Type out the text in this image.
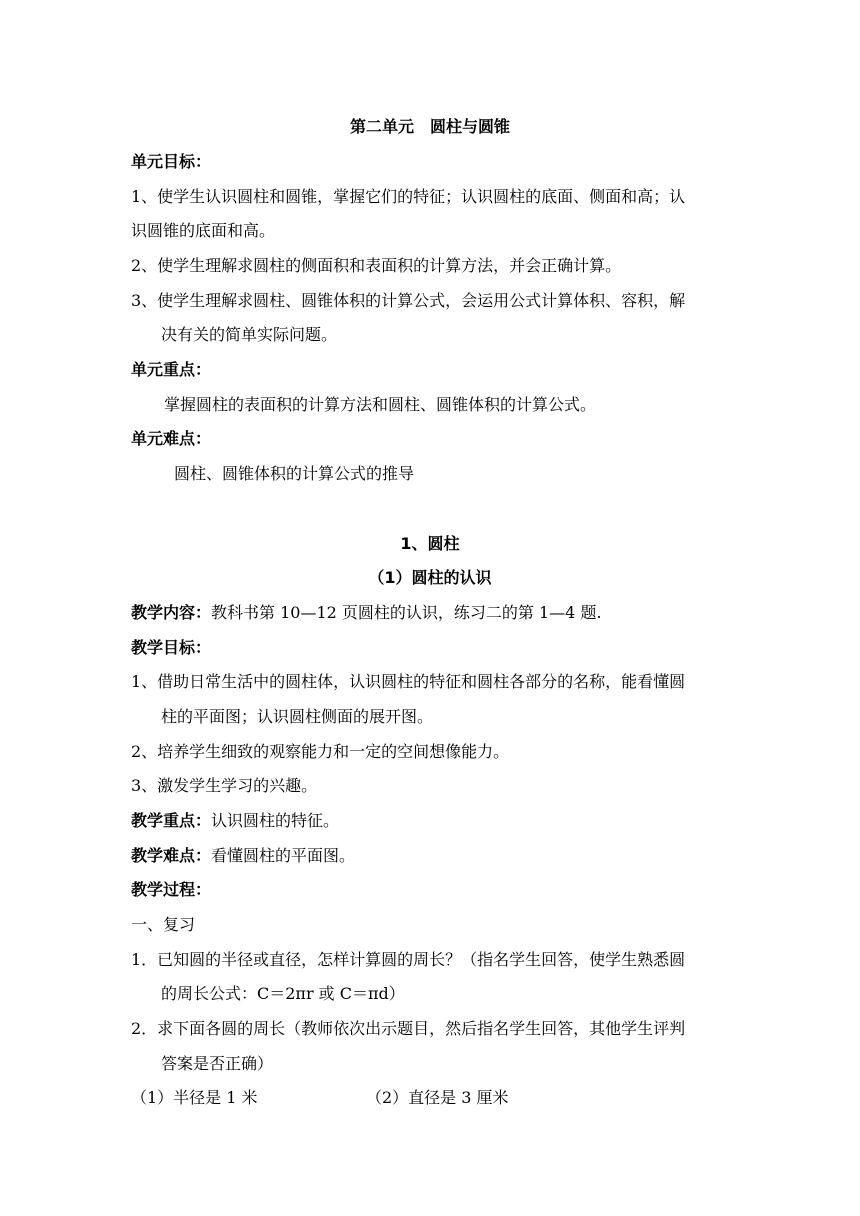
第二单元　圆柱与圆锥
单元目标：
1、使学生认识圆柱和圆锥，掌握它们的特征；认识圆柱的底面、侧面和高；认
识圆锥的底面和高。
2、使学生理解求圆柱的侧面积和表面积的计算方法，并会正确计算。
3、使学生理解求圆柱、圆锥体积的计算公式，会运用公式计算体积、容积，解
决有关的简单实际问题。
单元重点：
掌握圆柱的表面积的计算方法和圆柱、圆锥体积的计算公式。
单元难点：
圆柱、圆锥体积的计算公式的推导
1、圆柱
（1）圆柱的认识
教学内容：教科书第 10—12 页圆柱的认识，练习二的第 1—4 题.
教学目标：
1、借助日常生活中的圆柱体，认识圆柱的特征和圆柱各部分的名称，能看懂圆
柱的平面图；认识圆柱侧面的展开图。
2、培养学生细致的观察能力和一定的空间想像能力。
3、激发学生学习的兴趣。
教学重点：认识圆柱的特征。
教学难点：看懂圆柱的平面图。
教学过程：
一、复习
1．已知圆的半径或直径，怎样计算圆的周长？（指名学生回答，使学生熟悉圆
的周长公式：C＝2πr 或 C＝πd）
2．求下面各圆的周长（教师依次出示题目，然后指名学生回答，其他学生评判
答案是否正确）
（1）半径是 1 米	（2）直径是 3 厘米
